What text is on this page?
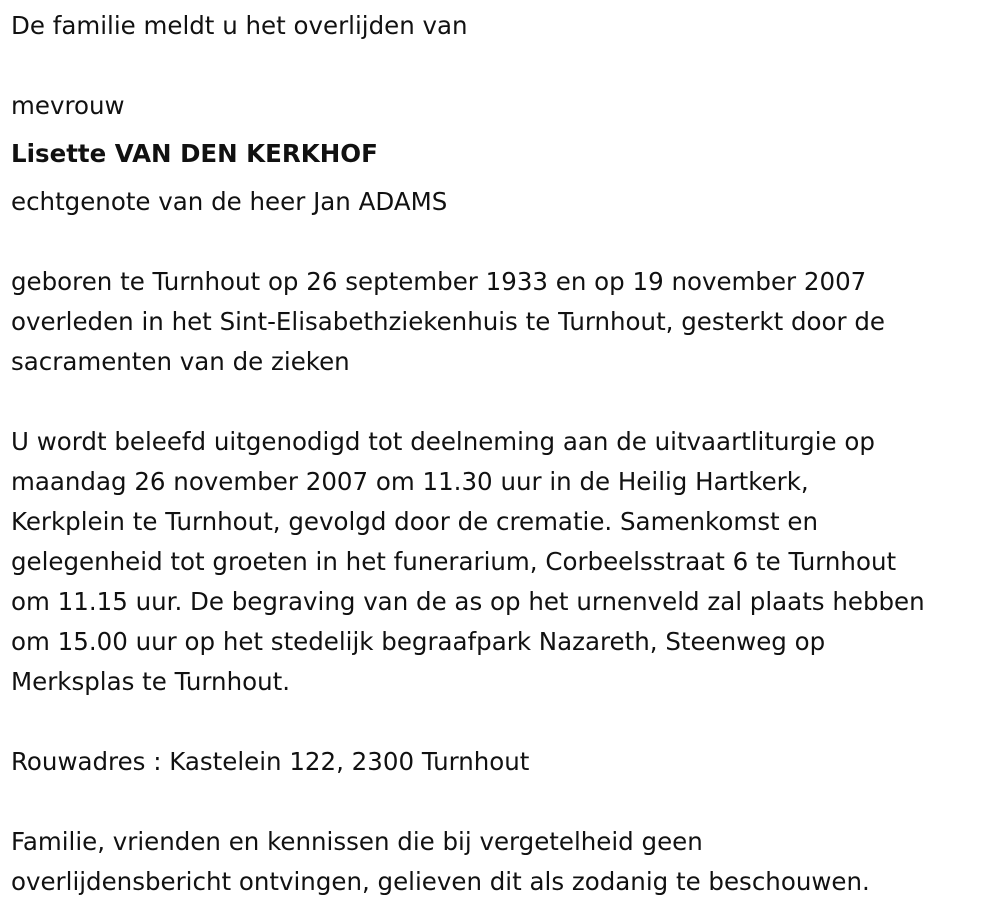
De familie meldt u het overlijden van
mevrouw
Lisette VAN DEN KERKHOF
echtgenote van de heer Jan ADAMS
geboren te Turnhout op 26 september 1933 en op 19 november 2007
overleden in het Sint-Elisabethziekenhuis te Turnhout, gesterkt door de
sacramenten van de zieken
U wordt beleefd uitgenodigd tot deelneming aan de uitvaartliturgie op
maandag 26 november 2007 om 11.30 uur in de Heilig Hartkerk,
Kerkplein te Turnhout, gevolgd door de crematie. Samenkomst en
gelegenheid tot groeten in het funerarium, Corbeelsstraat 6 te Turnhout
om 11.15 uur. De begraving van de as op het urnenveld zal plaats hebben
om 15.00 uur op het stedelijk begraafpark Nazareth, Steenweg op
Merksplas te Turnhout.
Rouwadres : Kastelein 122, 2300 Turnhout
Familie, vrienden en kennissen die bij vergetelheid geen
overlijdensbericht ontvingen, gelieven dit als zodanig te beschouwen.
